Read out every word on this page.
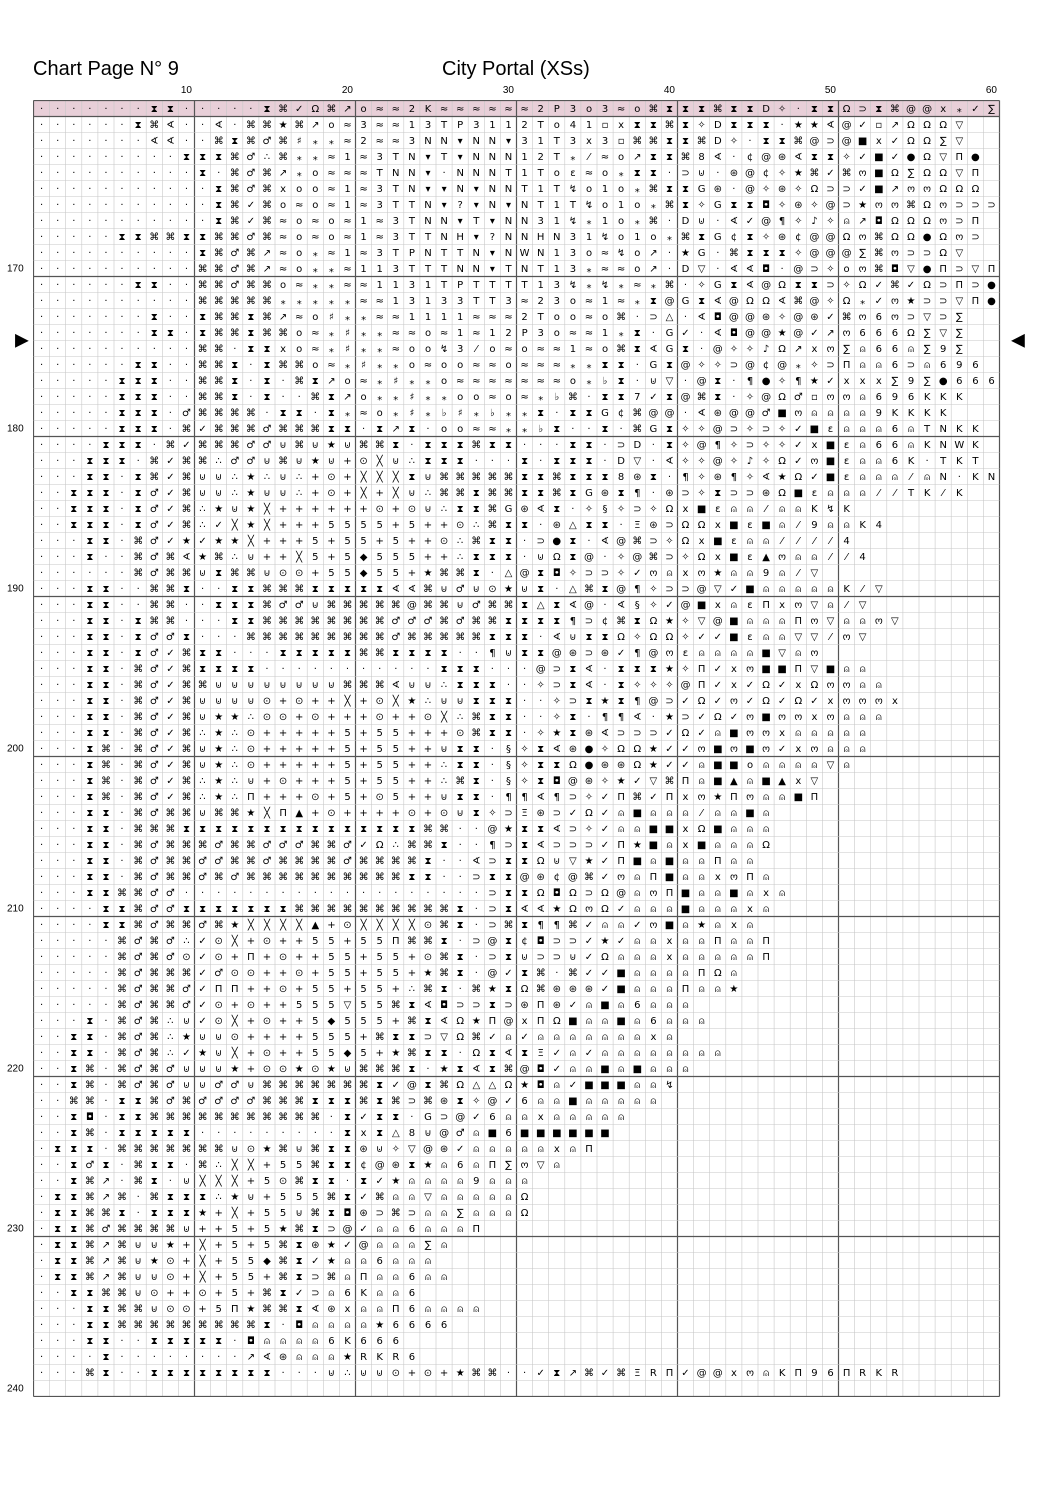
Chart Page N° 9	City Portal (XSs)
10	20	30	40	50	60
170
180
190
200
210
220
230
240
▶	◀
· · · · · · · ⧗ ⧗ · · · · · ⧗ ⌘ ✓ Ω ⌘ ↗ ο ≈ ≈ 2 K ≈ ≈ ≈ ≈ ≈ ≈ 2 P 3 ο 3 ≈ ο ⌘ ⧗ ⧗ ⧗ ⌘ ⧗ ⧗ D ✧ · ⧗ ⧗ Ω ⊃ ⧗ ⌘ @ @ x ⁎ ✓ ∑
· · · · · · ⧗ ⌘ ∢ · · ∢ · ⌘ ⌘ ★ ⌘ ↗ ο ≈ 3 ≈ ≈ 1 3 T P 3 1 1 2 T ο 4 1 ▫ x ⧗ ⧗ ⌘ ⧗ ✧ D ⧗ ⧗ ⧗ · ★ ★ ∢ @ ✓ ▫ ↗ Ω Ω Ω ▽
· · · · · · · ∢ ∢ · · ⌘ ⧗ ⌘ ♂ ⌘ ♯ ⁎ ⁎ ≈ 2 ≈ ≈ 3 N N ▾ N N ▾ 3 1 T 3 x 3 ▫ ⌘ ⌘ ⧗ ⧗ ⌘ D ✧ · ⧗ ⧗ ⌘ @ ⊃ @ ■ x ✓ Ω Ω ∑ ▽
· · · · · · · · · ⧗ ⧗ ⧗ ⌘ ♂ ∴ ⌘ ⁎ ⁎ ≈ 1 ≈ 3 T N ▾ T ▾ N N N 1 2 T ⁎ ⁄ ≈ ο ↗ ⧗ ⧗ ⌘ 8 ∢ · ¢ @ ⊛ ∢ ⧗ ⧗ ✧ ✓ ■ ✓ ● Ω ▽ Π ●
· · · · · · · · · · ⧗ · ⌘ ♂ ⌘ ↗ ⁎ ο ≈ ≈ ≈ T N N ▾ · N N N T 1 T ο ε ≈ ο ⁎ ⧗ ⧗ · ⊃ ⊍ · ⊛ @ ¢ ✧ ★ ⌘ ✓ ⌘ ო ■ Ω ∑ Ω Ω ▽ Π
· · · · · · · · · · · ⧗ ⌘ ♂ ⌘ x ο ο ≈ 1 ≈ 3 T N ▾ ▾ N ▾ N N T 1 T ↯ ο 1 ο ⁎ ⌘ ⧗ ⧗ G ⊛ · @ ✧ ⊛ ✧ Ω ⊃ ⊃ ✓ ■ ↗ ო ო Ω Ω Ω
· · · · · · · · · · · ⧗ ⌘ ✓ ⌘ ο ≈ ο ≈ 1 ≈ 3 T T N ▾ ? ▾ N ▾ N T 1 T ↯ ο 1 ο ⁎ ⌘ ⧗ ✧ G ⧗ ⧗ ◘ ✧ ⊛ ✧ @ ⊃ ★ ო ო ⌘ Ω ო ⊃ ⊃ ⊃
· · · · · · · · · · · ⧗ ⌘ ✓ ⌘ ≈ ο ≈ ο ≈ 1 ≈ 3 T N N ▾ T ▾ N N 3 1 ↯ ⁎ 1 ο ⁎ ⌘ · D ⊍ · ∢ ✓ @ ¶ ✧ ♪ ✧ ⍝ ↗ ◘ Ω Ω Ω ო ⊃ Π
· · · · · ⧗ ⧗ ⌘ ⌘ ⧗ ⧗ ⌘ ⌘ ♂ ⌘ ≈ ο ≈ ο ≈ 1 ≈ 3 T T N H ▾ ? N N H N 3 1 ↯ ο 1 ο ⁎ ⌘ ⧗ G ¢ ⧗ ✧ ⊛ ¢ @ @ Ω ო ⌘ Ω Ω ● Ω ო ⊃
· · · · · · · · · · ⧗ ⌘ ♂ ⌘ ↗ ≈ ο ⁎ ≈ 1 ≈ 3 T P N T T N ▾ N W N 1 3 ο ≈ ↯ ο ↗ · ★ G · ⌘ ⧗ ⧗ ⧗ ✧ @ @ @ ∑ ⌘ ო ⊃ ⊃ Ω ▽
· · · · · · · · · · ⌘ ⌘ ♂ ⌘ ↗ ≈ ο ⁎ ⁎ ≈ 1 1 3 T T T N N ▾ T N T 1 3 ⁎ ≈ ≈ ο ↗ · D ▽ · ∢ ∢ ◘ · @ ⊃ ✧ ο ო ⌘ ◘ ▽ ● Π ⊃ ▽ Π
· · · · · · ⧗ ⧗ · · ⌘ ⌘ ♂ ⌘ ⌘ ο ≈ ⁎ ⁎ ≈ ≈ 1 1 3 1 T P T T T T 1 3 ↯ ⁎ ↯ ⁎ ≈ ⁎ ⌘ · ✧ G ⧗ ∢ @ Ω ⧗ ⧗ ⊃ ✧ Ω ✓ ⌘ ✓ Ω ⊃ Π ⊃ ●
· · · · · · · · · · ⌘ ⌘ ⌘ ⌘ ⌘ ⁎ ⁎ ⁎ ⁎ ⁎ ≈ ≈ 1 3 1 3 3 T T 3 ≈ 2 3 ο ≈ 1 ≈ ⁎ ⧗ @ G ⧗ ∢ @ Ω Ω ∢ ⌘ @ ✧ Ω ⁎ ✓ ო ★ ⊃ ⊃ ▽ Π ●
· · · · · · · ⧗ · · ⧗ ⌘ ⌘ ⧗ ⌘ ↗ ≈ ο ♯ ⁎ ⁎ ≈ ≈ 1 1 1 1 ≈ ≈ ≈ 2 T ο ο ≈ ο ⌘ · ⊃ △ · ∢ ◘ @ @ ⊛ ✧ @ ⊛ ✓ ⌘ ო 6 ო ⊃ ▽ ⊃ ∑
· · · · · · · ⧗ ⧗ · ⧗ ⌘ ⌘ ⧗ ⌘ ⌘ ο ≈ ⁎ ♯ ⁎ ⁎ ≈ ≈ ο ≈ 1 ≈ 1 2 P 3 ο ≈ ≈ 1 ⁎ ⧗ · G ✓ · ∢ ◘ @ @ ★ @ ✓ ↗ ო 6 6 6 Ω ∑ ▽ ∑
· · · · · · · · · · ⌘ ⌘ · ⧗ ⧗ x ο ≈ ⁎ ♯ ⁎ ⁎ ≈ ο ο ↯ 3 ⁄ ο ≈ ο ≈ ≈ 1 ≈ ο ⌘ ⧗ ∢ G ⧗ · @ ✧ ✧ ♪ Ω ↗ x ო ∑ ⍝ 6 6 ⍝ ∑ 9 ∑
· · · · · · ⧗ ⧗ · · ⌘ ⌘ ⧗ · ⧗ ⌘ ⌘ ο ≈ ⁎ ♯ ⁎ ⁎ ο ≈ ο ο ≈ ≈ ο ≈ ≈ ≈ ⁎ ⁎ ⧗ ⧗ · G ⧗ @ ✧ ✧ ⊃ @ ¢ @ ⁎ ✧ ⊃ Π ⍝ ⍝ 6 ⊃ ⍝ 6 9 6
· · · · · ⧗ ⧗ ⧗ · · ⌘ ⌘ ⧗ · ⧗ · ⌘ ⧗ ↗ ο ≈ ⁎ ♯ ⁎ ⁎ ο ≈ ≈ ≈ ≈ ≈ ≈ ≈ ο ⁎ ♭ ⧗ · ⊍ ▽ · @ ⧗ · ¶ ● ✧ ¶ ★ ✓ x x x ∑ 9 ∑ ● 6 6 6
· · · · · ⧗ ⧗ ⧗ · · ⌘ ⌘ ⧗ · ⧗ · · ⌘ ⧗ ↗ ο ⁎ ⁎ ♯ ⁎ ⁎ ο ο ≈ ο ≈ ⁎ ♭ ⌘ · ⧗ ⧗ 7 ✓ ⧗ @ ⌘ ⧗ · ✧ @ Ω ♂ ▫ ო ო ⍝ 6 9 6 K K K
· · · · · ⧗ ⧗ ⧗ · ♂ ⌘ ⌘ ⌘ ⌘ · ⧗ ⧗ · ⧗ ⁎ ≈ ο ⁎ ♯ ⁎ ♭ ♯ ⁎ ♭ ⁎ ⁎ ⧗ · ⧗ ⧗ G ¢ ⌘ @ @ · ∢ ⊛ @ @ ♂ ■ ო ⍝ ⍝ ⍝ ⍝ 9 K K K K
· · · · · ⧗ ⧗ ⧗ · ⌘ ✓ ⌘ ⌘ ⌘ ♂ ⌘ ⌘ ⌘ ⧗ ⧗ · ⧗ ↗ ⧗ · ο ο ≈ ≈ ⁎ ⁎ ♭ ⧗ · · ⧗ · ⌘ G ⧗ ✧ ✧ @ ⊃ ✧ ⊃ ✧ ✓ ■ ε ⍝ ⍝ ⍝ 6 ⍝ T N K K
· · · · ⧗ ⧗ ⧗ · ⌘ ✓ ⌘ ⌘ ⌘ ♂ ♂ ⊍ ⌘ ⊍ ★ ⊍ ⌘ ⌘ ⧗ · ⧗ ⧗ ⧗ ⌘ ⧗ ⧗ · · · ⧗ ⧗ · ⊃ D · ⧗ ✧ @ ¶ ✧ ⊃ ✧ ✧ ✓ x ■ ε ⍝ 6 6 ⍝ K N W K
· · · ⧗ ⧗ ⧗ · ⌘ ✓ ⌘ ⌘ ∴ ♂ ♂ ⊍ ⌘ ⊍ ★ ⊍ + ⊙ ╳ ⊍ ∴ ⧗ ⧗ ⧗ · · · ⧗ · ⧗ ⧗ ⧗ · D ▽ · ∢ ✧ ✧ @ ✧ ♪ ✧ Ω ✓ ო ■ ε ⍝ ⍝ 6 K · T K T
· · · ⧗ ⧗ · ⧗ ⌘ ✓ ⌘ ⊍ ⊍ ∴ ★ ∴ ⊍ ∴ + ⊙ + ╳ ╳ ╳ ⧗ ⊍ ⌘ ⌘ ⌘ ⌘ ⌘ ⧗ ⧗ ⌘ ⧗ ⧗ ⧗ 8 ⊛ ⧗ · ¶ ✧ ⊛ ¶ ✧ ∢ ★ Ω ✓ ■ ε ⍝ ⍝ ⍝ ⁄ ⍝ N · K N
· · ⧗ ⧗ ⧗ · ⧗ ♂ ✓ ⌘ ⊍ ⊍ ∴ ★ ⊍ ⊍ ∴ + ⊙ + ╳ + ╳ ⊍ ∴ ⌘ ⌘ ⧗ ⌘ ⌘ ⧗ ⧗ ⌘ ⧗ G ⊛ ⧗ ¶ · ⊛ ⊃ ✧ ⧗ ⊃ ⊃ ⊛ Ω ■ ε ⍝ ⍝ ⍝ ⁄ ⁄ T K ⁄ K
· · ⧗ ⧗ ⧗ · ⧗ ♂ ✓ ⌘ ∴ ★ ⊍ ★ ╳ + + + + + + ⊙ + ⊙ ⊍ ∴ ⧗ ⧗ ⌘ G ⊛ ∢ ⧗ · ✧ § ✧ ⊃ ✧ Ω x ■ ε ⍝ ⍝ ⁄ ⍝ ⍝ K ↯ K
· · ⧗ ⧗ ⧗ · ⧗ ♂ ✓ ⌘ ∴ ✓ ╳ ★ ╳ + + + 5 5 5 5 + 5 + + ⊙ ∴ ⌘ ⧗ ⧗ · ⊛ △ ⧗ ⧗ · Ξ ⊛ ⊃ Ω Ω x ■ ε ■ ⍝ ⁄ 9 ⍝ ⍝ K 4
· · · ⧗ ⧗ · ⌘ ♂ ✓ ★ ✓ ★ ★ ╳ + + + 5 + 5 5 + 5 + + ⊙ ∴ ⌘ ⧗ ⧗ · ⊃ ● ⧗ · ∢ @ ⌘ ⊃ ✧ Ω x ■ ε ⍝ ⍝ ⁄ ⁄ ⁄ ⁄ 4
· · · ⧗ · · ⌘ ♂ ⌘ ∢ ★ ⌘ ∴ ⊍ + + ╳ 5 + 5 ◆ 5 5 5 + + ∴ ⧗ ⧗ ⧗ · ⊍ Ω ⧗ @ · ✧ @ ⌘ ⊃ ✧ Ω x ■ ε ▲ ო ⍝ ⍝ ⁄ ⁄ 4
· · · · · · ⌘ ♂ ⌘ ⌘ ⊍ ⧗ ⌘ ⌘ ⊍ ⊙ ⊙ + 5 5 ◆ 5 5 + ★ ⌘ ⌘ ⧗ · △ @ ⧗ ◘ ✧ ⊃ ⊃ ✧ ✓ ო ⍝ x ო ★ ⍝ ⍝ 9 ⍝ ⁄ ▽
· · · ⧗ ⧗ · · ⌘ ⌘ ⧗ · · ⧗ ⧗ ⌘ ⌘ ⌘ ⧗ ⧗ ⧗ ⧗ ⧗ ∢ ∢ ⌘ ⊍ ♂ ⊍ ⊙ ★ ⊍ ⧗ · △ ⌘ ⧗ @ ¶ ✧ ⊃ ⊃ @ ▽ ✓ ■ ⍝ ⍝ ⍝ ⍝ ⍝ K ⁄ ▽
· · · ⧗ ⧗ · · ⌘ ⌘ · · ⧗ ⧗ ⧗ ⌘ ♂ ♂ ⊍ ⌘ ⌘ ⌘ ⌘ ⌘ @ ⌘ ⌘ ⊍ ♂ ⌘ ⌘ ⧗ △ ⧗ ∢ @ · ∢ § ✧ ✓ @ ■ x ⍝ ε Π x ო ▽ ⍝ ⁄ ▽
· · · ⧗ ⧗ · ⧗ ⌘ ⌘ · · · ⧗ ⧗ ⌘ ⌘ ⌘ ⌘ ⌘ ⌘ ⌘ ⌘ ♂ ♂ ♂ ⌘ ♂ ⌘ ⌘ ⧗ ⧗ ⧗ ⧗ ¶ ⊃ ¢ ⌘ ⧗ Ω ★ ✧ ▽ @ ■ ⍝ ⍝ ⍝ Π ო ▽ ⍝ ⍝ ო ▽
· · · ⧗ ⧗ · ⧗ ♂ ♂ ⧗ · · · ⌘ ⌘ ⌘ ⌘ ⌘ ⌘ ⌘ ⌘ ⌘ ♂ ⌘ ⌘ ⌘ ⌘ ⌘ ⧗ ⧗ ⧗ · ∢ ⊍ ⧗ ⧗ Ω ✧ Ω Ω ✧ ✓ ✓ ■ ε ⍝ ⍝ ▽ ▽ ⁄ ო ▽
· · · ⧗ ⧗ · ⧗ ♂ ✓ ⌘ ⧗ ⧗ · · · ⧗ ⧗ ⧗ ⧗ ⧗ ⌘ ⌘ ⧗ ⧗ ⧗ ⧗ · · ¶ ⊍ ⧗ ⧗ @ ⊛ ⊃ ⊛ ✓ ¶ @ ო ε ⍝ ⍝ ⍝ ⍝ ■ ▽ ⍝ ო
· · · ⧗ ⧗ · ⌘ ♂ ✓ ⌘ ⧗ ⧗ ⧗ ⧗ · · · · · · · · · · · ⧗ ⧗ ⧗ · · · @ ⊃ ⧗ ∢ · ⧗ ⧗ ⧗ ★ ✧ Π ✓ x ო ■ ■ Π ▽ ■ ⍝ ⍝
· · · ⧗ ⧗ · ⌘ ♂ ✓ ⌘ ⌘ ⊍ ⊍ ⊍ ⊍ ⊍ ⊍ ⊍ ⊍ ⌘ ⌘ ⌘ ∢ ⊍ ⊍ ∴ ⧗ ⧗ ⧗ · · ✧ ⊃ ⧗ ∢ · ⧗ ✧ ✧ ✧ @ Π ✓ x ✓ Ω ✓ x Ω ო ო ⍝ ⍝
· · · ⧗ ⧗ · ⌘ ♂ ✓ ⌘ ⊍ ⊍ ⊍ ⊍ ⊙ + ⊙ + + ╳ + ⊙ ╳ ★ ∴ ⊍ ⊍ ⧗ ⧗ ⧗ · · ✧ ⊃ ⧗ ★ ⧗ ¶ @ ⊃ ✓ Ω ✓ ო ✓ Ω ✓ Ω ✓ x ო ო ო x
· · · ⧗ ⧗ · ⌘ ♂ ✓ ⌘ ⊍ ★ ★ ∴ ⊙ ⊙ + ⊙ + + + ⊙ + + ⊙ ╳ ∴ ⌘ ⧗ ⧗ · · ✧ ⧗ · ¶ ¶ ∢ · ★ ⊃ ✓ Ω ✓ ო ■ ო ო x ო ⍝ ⍝ ⍝
· · · ⧗ ⧗ · ⌘ ♂ ✓ ⌘ ∴ ★ ∴ ⊙ + + + + + 5 + 5 5 + + + ⊙ ⌘ ⧗ ⧗ · ✧ ★ ⧗ ⊛ ∢ ⊃ ⊃ ⊃ ✓ Ω ✓ ⍝ ■ ო ო x ⍝ ⍝ ⍝ ⍝ ⍝
· · · ⧗ ⌘ · ⌘ ♂ ✓ ⌘ ⊍ ★ ∴ ⊙ + + + + + 5 + 5 5 + + ⊍ ⧗ ⧗ · § ✧ ⧗ ∢ ⊛ ● ✧ Ω Ω ★ ✓ ✓ ო ■ ო ■ ო ✓ x ო ⍝ ⍝ ⍝
· · · ⧗ ⌘ · ⌘ ♂ ✓ ⌘ ⊍ ★ ∴ ⊙ + + + + + 5 + 5 5 + + ∴ ⧗ ⧗ · § ✧ ⧗ ⧗ Ω ● ⊛ ⊛ Ω ★ ✓ ✓ ⍝ ■ ■ ο ⍝ ⍝ ⍝ ⍝ ▽ ⍝
· · · ⧗ ⌘ · ⌘ ♂ ✓ ⌘ ∴ ★ ∴ ⊍ + ⊙ + + + 5 + 5 5 + + ∴ ⌘ ⧗ · § ✧ ⧗ ◘ @ ⊛ ✧ ★ ✓ ▽ ⌘ Π ⍝ ■ ▲ ⍝ ■ ▲ x ▽
· · · ⧗ ⌘ · ⌘ ♂ ✓ ⌘ ∴ ★ ∴ Π + + + ⊙ + 5 + ⊙ 5 + + ⊍ ⧗ ⧗ · ¶ ¶ ∢ ¶ ⊃ ✧ ✓ Π ⌘ ✓ Π x ო ★ Π ო ⍝ ⍝ ■ Π
· · · ⧗ ⧗ · ⌘ ♂ ⌘ ⌘ ⊍ ⌘ ⌘ ★ ╳ Π ▲ + ⊙ + + + + ⊙ + ⊙ ⊍ ⧗ ✧ ⊃ Ξ ⊛ ⊃ ✓ Ω ✓ ⍝ ■ ⍝ ⍝ ⍝ ⁄ ⍝ ⍝ ■ ⍝
· · · ⧗ ⧗ · ⌘ ⌘ ⌘ ⧗ ⧗ ⧗ ⧗ ⧗ ⧗ ⧗ ⧗ ⧗ ⧗ ⧗ ⧗ ⧗ ⧗ ⧗ ⌘ ⌘ · · @ ★ ⧗ ⧗ ∢ ⊃ ✧ ✓ ⍝ ⍝ ■ ■ x Ω ■ ⍝ ⍝ ⍝
· · · ⧗ ⧗ · ⌘ ♂ ⌘ ⌘ ⌘ ♂ ⌘ ⌘ ♂ ♂ ♂ ⌘ ⌘ ♂ ✓ Ω ∴ ⌘ ⌘ ⧗ · · ¶ ⊃ ⧗ ∢ ⊃ ⊃ ⊃ ✓ Π ★ ■ ⍝ x ■ ⍝ ⍝ ⍝ Ω
· · · ⧗ ⧗ · ⌘ ♂ ⌘ ⌘ ♂ ♂ ⌘ ⌘ ♂ ⌘ ⌘ ⌘ ⌘ ♂ ⌘ ⌘ ⌘ ⌘ ⧗ · · ∢ ⊃ ⧗ ⧗ Ω ⊍ ▽ ★ ✓ Π ■ ⍝ ■ ⍝ ⍝ Π ⍝ ⍝
· · · ⧗ ⧗ · ⌘ ♂ ⌘ ⌘ ♂ ⌘ ♂ ⌘ ⌘ ⌘ ⌘ ⌘ ⌘ ⌘ ⌘ ⌘ ⌘ ⧗ ⧗ · · ⊃ ⧗ ⧗ @ ⊛ ¢ @ ⌘ ✓ ო ⍝ Π ■ ⍝ ⍝ x ო Π ⍝
· · · ⧗ ⧗ ⌘ ⌘ ♂ ♂ · · · · · · · · · · · · · · · · · · · ⊃ ⧗ ⧗ Ω ◘ Ω ⊃ Ω @ ⍝ ო Π ■ ⍝ ⍝ ■ ⍝ x ⍝
· · · · ⧗ ⧗ ⌘ ♂ ♂ ⧗ ⧗ ⧗ ⧗ ⧗ ⧗ ⧗ ⌘ ⌘ ⌘ ⌘ ⌘ ⌘ ⌘ ⌘ ⌘ ⌘ ⧗ · ⊃ ⧗ ∢ ∢ ★ Ω ო Ω ✓ ⍝ ⍝ ⍝ ■ ⍝ ⍝ ⍝ x ⍝
· · · · ⧗ ⧗ ⌘ ♂ ⌘ ⌘ ♂ ⌘ ★ ╳ ╳ ╳ ╳ ▲ + ⊙ ╳ ╳ ╳ ╳ ⊙ ⌘ ⧗ · ⊃ ⌘ ⧗ ¶ ¶ ⌘ ✓ ⍝ ⍝ ✓ ო ■ ⍝ ★ ⍝ x ⍝
· · · · · ⌘ ♂ ⌘ ♂ ∴ ✓ ⊙ ╳ + ⊙ + + 5 5 + 5 5 Π ⌘ ⌘ ⧗ · ⊃ @ ⧗ ¢ ◘ ⊃ ⊃ ✓ ★ ✓ ⍝ ⍝ x ⍝ ⍝ Π ⍝ ⍝ Π
· · · · · ⌘ ♂ ⌘ ♂ ⊙ ✓ ⊙ + Π + ⊙ + + 5 5 + 5 5 + ⊙ ⌘ ⧗ · ⊃ ⧗ ⊍ ⊃ ⊃ ⊍ ✓ Ω ⍝ ⍝ ⍝ x ⍝ ⍝ ⍝ ⍝ ⍝ Π
· · · · · ⌘ ♂ ⌘ ⌘ ⌘ ✓ ♂ ⊙ ⊙ + + ⊙ + 5 5 + 5 5 + ★ ⌘ ⧗ · @ ✓ ⧗ ⌘ · ⌘ ✓ ✓ ■ ⍝ ⍝ ⍝ ⍝ Π Ω ⍝
· · · · · ⌘ ♂ ⌘ ⌘ ♂ ✓ Π Π + + ⊙ + 5 5 + 5 5 + ∴ ⌘ ⧗ · ⌘ ★ ⧗ Ω ⌘ ⊛ ⊛ ⊛ ✓ ■ ⍝ ⍝ ⍝ Π ⍝ ⍝ ★
· · · · · ⌘ ♂ ⌘ ⌘ ♂ ✓ ⊙ + ⊙ + + 5 5 5 ▽ 5 5 ⌘ ⧗ ∢ ◘ ⊃ ⊃ ⧗ ⊃ ⊛ Π ⊛ ✓ ⍝ ■ ⍝ 6 ⍝ ⍝ ⍝
· · · ⧗ · ⌘ ♂ ⌘ ∴ ⊍ ✓ ⊙ ╳ + ⊙ + + 5 ◆ 5 5 5 + ⌘ ⧗ ∢ Ω ★ Π @ x Π Ω ■ ⍝ ⍝ ■ ⍝ 6 ⍝ ⍝ ⍝
· · ⧗ ⧗ · ⌘ ♂ ⌘ ∴ ★ ⊍ ⊍ ⊙ + + + + 5 5 5 + ⌘ ⧗ ⧗ ⊃ ▽ Ω ⌘ ✓ ⍝ ✓ ⍝ ⍝ ⍝ ⍝ ⍝ ⍝ ⍝ x ⍝
· · ⧗ ⧗ · ⌘ ♂ ⌘ ∴ ✓ ★ ⊍ ╳ + ⊙ + + 5 5 ◆ 5 + ★ ⌘ ⧗ ⧗ · Ω ⧗ ∢ ⧗ Ξ ✓ ⍝ ✓ ⍝ ⍝ ⍝ ⍝ ⍝ ⍝ ⍝ ⍝
· · ⧗ ⌘ · ⌘ ♂ ⌘ ♂ ⊍ ⊍ ⊍ ★ + ⊙ ⊙ ★ ⊙ ★ ⊍ ⌘ ⌘ ⌘ ⧗ · ★ ⧗ ∢ ⧗ ⌘ @ ◘ ✓ ⍝ ⍝ ■ ⍝ ■ ⍝ ⍝ ⍝
· · ⧗ ⌘ · ⌘ ♂ ⌘ ♂ ⊍ ⊍ ♂ ♂ ⊍ ⌘ ⌘ ⌘ ⌘ ⌘ ⌘ ⌘ ⧗ ✓ @ ⧗ ⌘ Ω △ △ Ω ★ ◘ ⍝ ✓ ■ ■ ■ ⍝ ⍝ ↯
· · ⌘ ⌘ · ⧗ ⧗ ⌘ ♂ ⌘ ♂ ♂ ♂ ♂ ⌘ ⌘ ⌘ ⧗ ⧗ ⧗ ⌘ ⧗ ⌘ ⊃ ⌘ ⊛ ⧗ ✧ @ ✓ 6 ⍝ ⍝ ■ ⍝ ⍝ ⍝ ⍝ ⍝
· · ⧗ ◘ · ⧗ ⧗ ⌘ ⌘ ⌘ ⌘ ⌘ ⌘ ⌘ ⌘ ⌘ ⌘ ⌘ · ⧗ ✓ ⧗ ⧗ · G ⊃ @ ✓ 6 ⍝ ⍝ x ⍝ ⍝ ⍝ ⍝ ⍝
· · ⧗ ⌘ · ⧗ ⧗ ⧗ ⧗ ⧗ · · · · · · · · · ⧗ x ⧗ △ 8 ⊍ @ ♂ ⍝ ■ 6 ■ ■ ■ ■ ■ ■
· ⧗ ⧗ ⧗ · ⌘ ⌘ ⌘ ⌘ ⌘ ⌘ ⌘ ⊍ ⊙ ★ ⌘ ⊍ ⌘ ⧗ ⧗ ⊛ ⊍ ✧ ▽ @ ⊛ ✓ ⍝ ⍝ ⍝ ⍝ ⍝ x ⍝ Π
· · ⧗ ♂ ⧗ · ⌘ ⧗ ⧗ · ⌘ ∴ ╳ ╳ + 5 5 ⌘ ⧗ ⧗ ¢ @ ⊛ ⧗ ★ ⍝ 6 ⍝ Π ∑ ო ▽ ⍝
· · ⧗ ⌘ ↗ · ⌘ ⧗ · ⊍ ╳ ╳ ╳ + 5 ⊙ ⌘ ⧗ ⧗ · ⧗ ✓ ★ ⍝ ⍝ ⍝ ⍝ 9 ⍝ ⍝ ⍝
· ⧗ ⧗ ⌘ ↗ ⌘ · ⌘ ⧗ ⧗ ⧗ ∴ ★ ⊍ + 5 5 5 ⌘ ⧗ ✓ ⌘ ⍝ ⍝ ▽ ⍝ ⍝ ⍝ ⍝ ⍝ Ω
· ⧗ ⧗ ⌘ ⌘ ⧗ · ⧗ ⧗ ⧗ ★ + ╳ + 5 5 ⊍ ⌘ ⧗ ◘ ⊛ ⊃ ⌘ ⊃ ⍝ ⍝ ∑ ⍝ ⍝ ⍝ Ω
· ⧗ ⧗ ⌘ ♂ ⌘ ⌘ ⌘ ⌘ ⊍ + + 5 + 5 ★ ⌘ ⧗ ⊃ @ ✓ ⍝ ⍝ 6 ⍝ ⍝ ⍝ Π
· ⧗ ⧗ ⌘ ↗ ⌘ ⊍ ⊍ ★ + ╳ + 5 + 5 ⌘ ⧗ ⊛ ★ ✓ @ ⍝ ⍝ ⍝ ∑ ⍝
· ⧗ ⧗ ⌘ ↗ ⌘ ⊍ ★ ⊙ + ╳ + 5 5 ◆ ⌘ ⧗ ✓ ★ ⍝ ⍝ 6 ⍝ ⍝ ⍝
· ⧗ ⧗ ⌘ ↗ ⌘ ⊍ ⊍ ⊙ + ╳ + 5 5 + ⌘ ⧗ ⊃ ⌘ ⍝ Π ⍝ ⍝ 6 ⍝ ⍝
· · ⧗ ⧗ ⌘ ⌘ ⊍ ⊙ + + ⊙ + 5 + ⌘ ⧗ ✓ ⊃ ⍝ 6 K ⍝ ⍝ 6
· · · ⧗ ⧗ ⌘ ⌘ ⊍ ⊙ ⊙ + 5 Π ★ ⌘ ⌘ ⧗ ∢ ⊛ x ⍝ ⍝ Π 6 ⍝ ⍝ ⍝ ⍝
· · · ⧗ ⧗ ⌘ ⌘ ⌘ ⌘ ⌘ ⌘ ⌘ ⌘ ⌘ ⧗ · ◘ ⍝ ⍝ ⍝ ⍝ ★ 6 6 6 6
· · · ⧗ ⧗ · · ⧗ ⧗ ⧗ ⧗ ⧗ · ◘ ⍝ ⍝ ⍝ ⍝ 6 K 6 6 6
· · · · ⧗ · · · · · · · · ↗ ∢ ⊛ ⍝ ⍝ ⍝ ★ R K R 6
· · · ⌘ ⧗ · · ⧗ ⧗ ⧗ ⧗ ⧗ ⧗ ⧗ ⧗ · · · ⊍ ∴ ⊍ ⊍ ⊙ + ⊙ + ★ ⌘ ⌘ · · ✓ ⧗ ↗ ⌘ ✓ ⌘ Ξ R Π ✓ @ @ x ო ⍝ K Π 9 6 Π R K R
